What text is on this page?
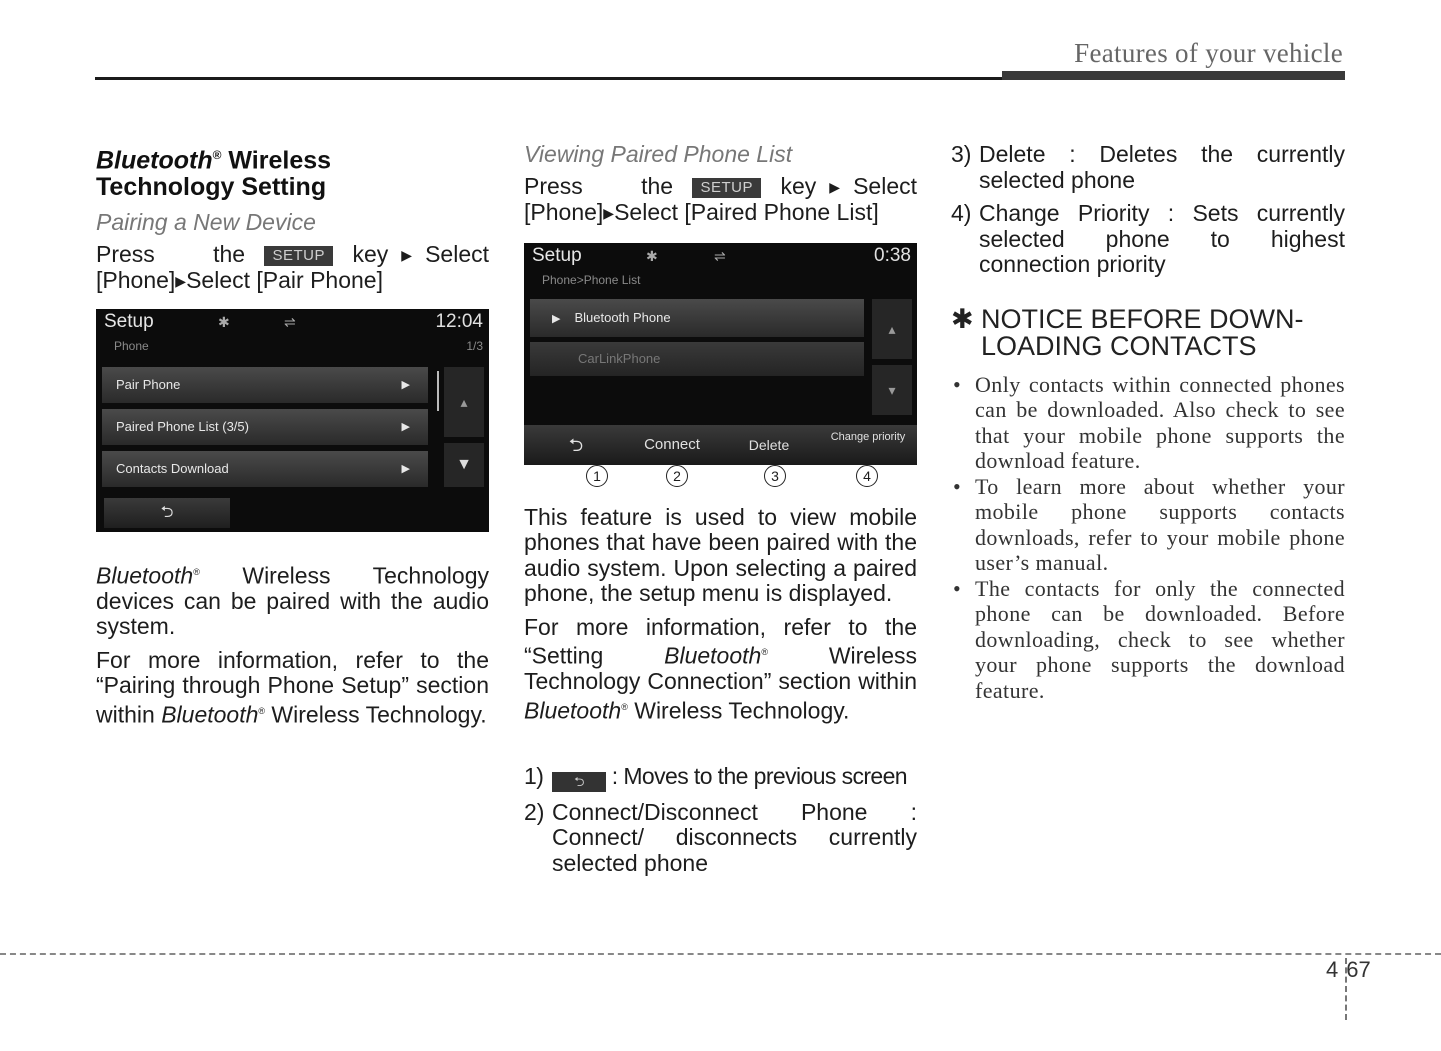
Features of your vehicle
Bluetooth® Wireless
Technology Setting
Pairing a New Device

Press   the SETUP key▶Select [Phone]▶Select [Pair Phone]

Setup	✱	⇌	12:04
Phone	1/3
Pair Phone	▶
Paired Phone List (3/5)	▶
Contacts Download	▶
▴
▼
⮌

Bluetooth® Wireless Technology devices can be paired with the audio system.

For more information, refer to the “Pairing through Phone Setup” section within Bluetooth® Wireless Technology.

Viewing Paired Phone List

Press   the SETUP key▶Select [Phone]▶Select [Paired Phone List]

Setup	✱	⇌	0:38
Phone>Phone List
▶ Bluetooth Phone
CarLinkPhone
▴
▾
⮌	Connect	Delete	Change priority
1	2	3	4

This feature is used to view mobile phones that have been paired with the audio system. Upon selecting a paired phone, the setup menu is displayed.

For more information, refer to the “Setting Bluetooth® Wireless Technology Connection” section within Bluetooth® Wireless Technology.

1) ⮌ : Moves to the previous screen
2) Connect/Disconnect Phone : Connect/ disconnects currently selected phone

3) Delete : Deletes the currently selected phone

4) Change Priority : Sets currently selected phone to highest connection priority

✱ NOTICE BEFORE DOWN-LOADING CONTACTS
• Only contacts within connected phones can be downloaded. Also check to see that your mobile phone supports the download feature.
• To learn more about whether your mobile phone supports contacts downloads, refer to your mobile phone user’s manual.
• The contacts for only the connected phone can be downloaded. Before downloading, check to see whether your phone supports the download feature.
4 67
